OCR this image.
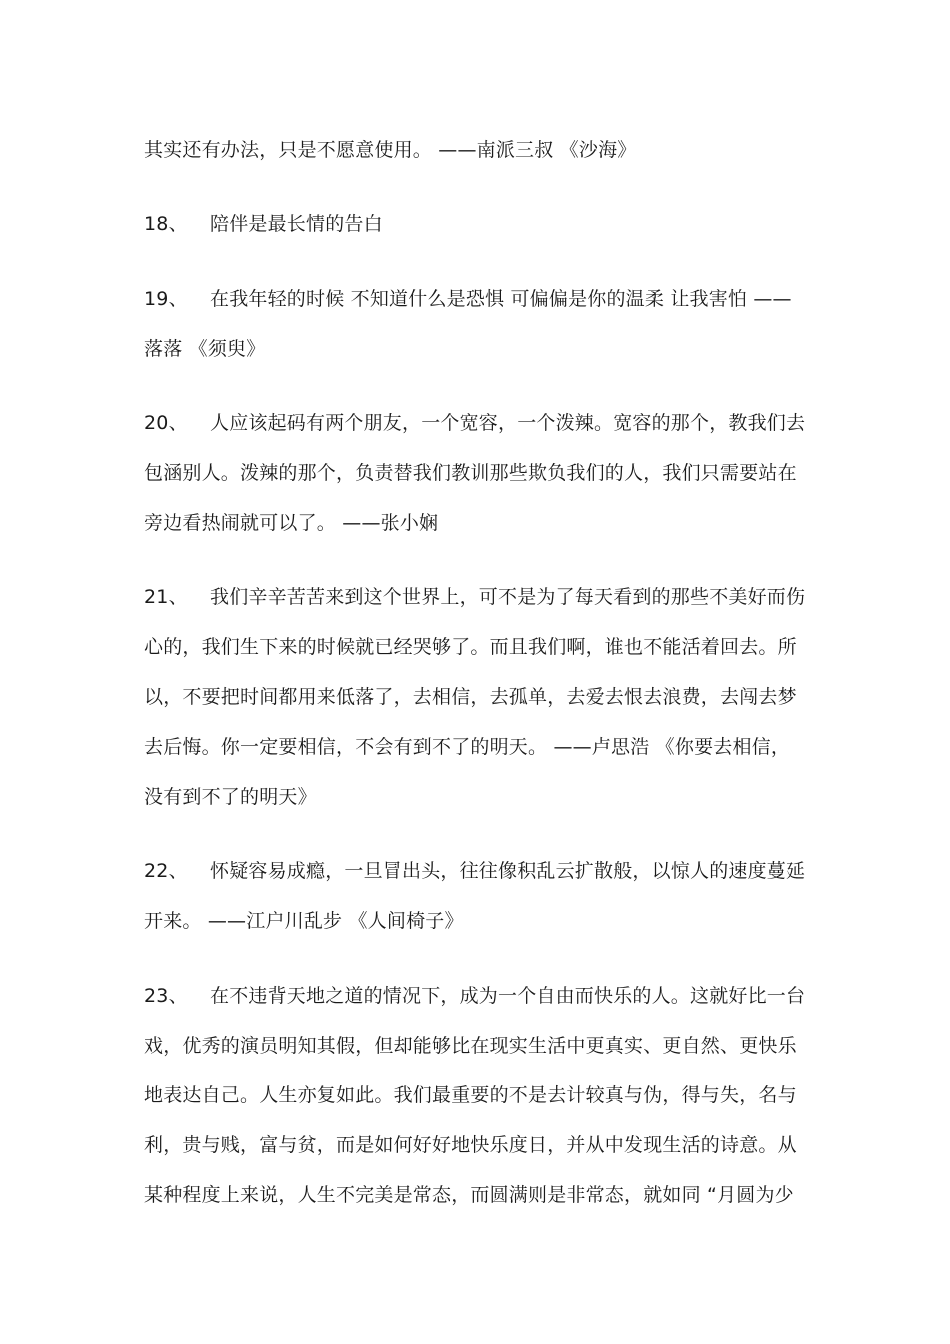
其实还有办法，只是不愿意使用。 ——南派三叔 《沙海》
18、 陪伴是最长情的告白
19、 在我年轻的时候 不知道什么是恐惧 可偏偏是你的温柔 让我害怕 ——
落落 《须臾》
20、 人应该起码有两个朋友，一个宽容，一个泼辣。宽容的那个，教我们去
包涵别人。泼辣的那个，负责替我们教训那些欺负我们的人，我们只需要站在
旁边看热闹就可以了。 ——张小娴
21、 我们辛辛苦苦来到这个世界上，可不是为了每天看到的那些不美好而伤
心的，我们生下来的时候就已经哭够了。而且我们啊，谁也不能活着回去。所
以，不要把时间都用来低落了，去相信，去孤单，去爱去恨去浪费，去闯去梦
去后悔。你一定要相信，不会有到不了的明天。 ——卢思浩 《你要去相信，
没有到不了的明天》
22、 怀疑容易成瘾，一旦冒出头，往往像积乱云扩散般，以惊人的速度蔓延
开来。 ——江户川乱步 《人间椅子》
23、 在不违背天地之道的情况下，成为一个自由而快乐的人。这就好比一台
戏，优秀的演员明知其假，但却能够比在现实生活中更真实、更自然、更快乐
地表达自己。人生亦复如此。我们最重要的不是去计较真与伪，得与失，名与
利，贵与贱，富与贫，而是如何好好地快乐度日，并从中发现生活的诗意。从
某种程度上来说，人生不完美是常态，而圆满则是非常态，就如同 “月圆为少
